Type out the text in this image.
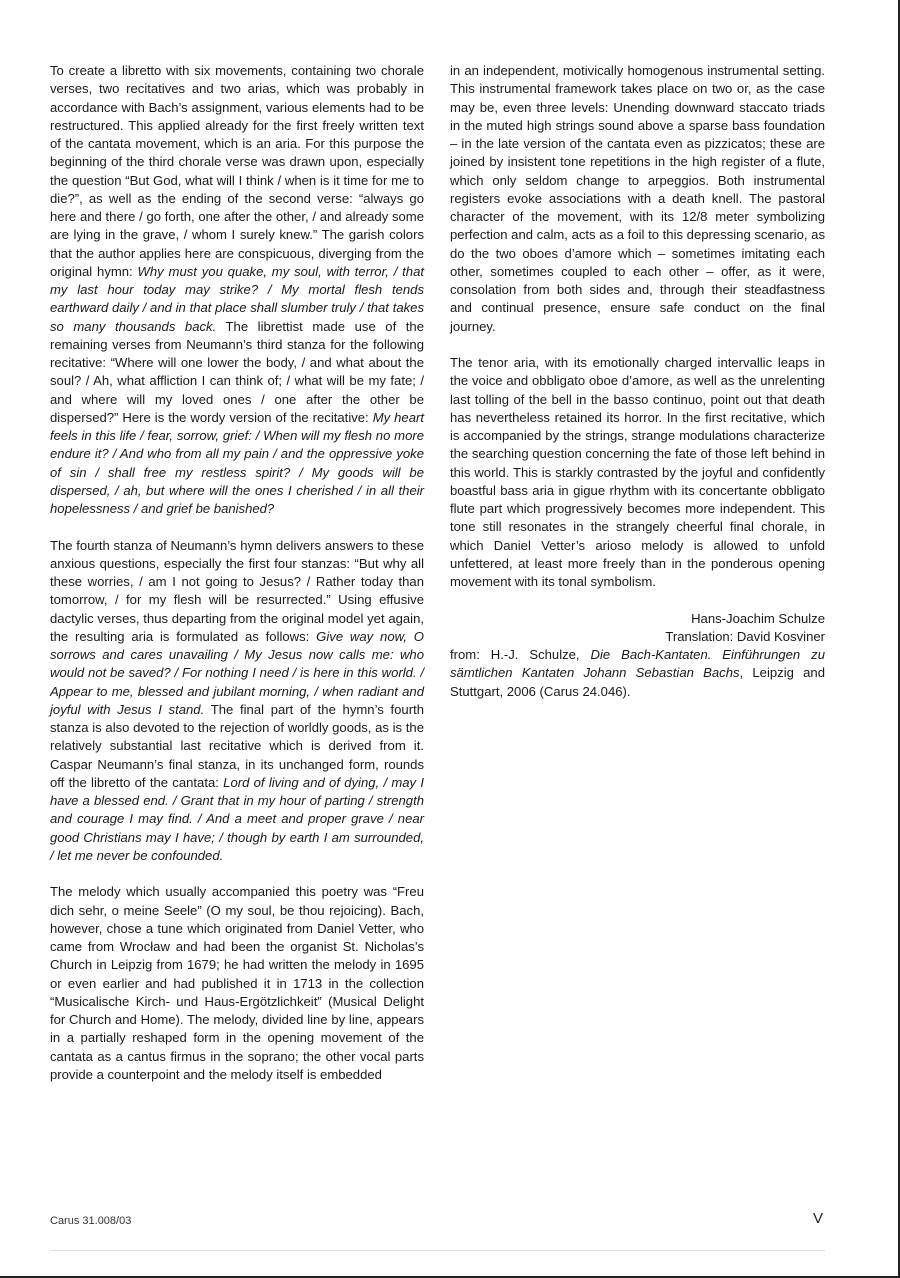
To create a libretto with six movements, containing two chorale verses, two recitatives and two arias, which was probably in accordance with Bach’s assignment, various elements had to be restructured. This applied already for the first freely written text of the cantata movement, which is an aria. For this purpose the beginning of the third chorale verse was drawn upon, especially the question “But God, what will I think / when is it time for me to die?”, as well as the ending of the second verse: “always go here and there / go forth, one after the other, / and already some are lying in the grave, / whom I surely knew.” The garish colors that the author applies here are conspicuous, diverging from the original hymn: Why must you quake, my soul, with terror, / that my last hour today may strike? / My mortal flesh tends earthward daily / and in that place shall slumber truly / that takes so many thousands back. The librettist made use of the remaining verses from Neumann’s third stanza for the following recitative: “Where will one lower the body, / and what about the soul? / Ah, what affliction I can think of; / what will be my fate; / and where will my loved ones / one after the other be dispersed?” Here is the wordy version of the recitative: My heart feels in this life / fear, sorrow, grief: / When will my flesh no more endure it? / And who from all my pain / and the oppressive yoke of sin / shall free my restless spirit? / My goods will be dispersed, / ah, but where will the ones I cherished / in all their hopelessness / and grief be banished?

The fourth stanza of Neumann’s hymn delivers answers to these anxious questions, especially the first four stanzas: “But why all these worries, / am I not going to Jesus? / Rather today than tomorrow, / for my flesh will be resurrected.” Using effusive dactylic verses, thus departing from the original model yet again, the resulting aria is formulated as follows: Give way now, O sorrows and cares unavailing / My Jesus now calls me: who would not be saved? / For nothing I need / is here in this world. / Appear to me, blessed and jubilant morning, / when radiant and joyful with Jesus I stand. The final part of the hymn’s fourth stanza is also devoted to the rejection of worldly goods, as is the relatively substantial last recitative which is derived from it. Caspar Neumann’s final stanza, in its unchanged form, rounds off the libretto of the cantata: Lord of living and of dying, / may I have a blessed end. / Grant that in my hour of parting / strength and courage I may find. / And a meet and proper grave / near good Christians may I have; / though by earth I am surrounded, / let me never be confounded.

The melody which usually accompanied this poetry was “Freu dich sehr, o meine Seele” (O my soul, be thou rejoicing). Bach, however, chose a tune which originated from Daniel Vetter, who came from Wrocław and had been the organist St. Nicholas’s Church in Leipzig from 1679; he had written the melody in 1695 or even earlier and had published it in 1713 in the collection “Musicalische Kirch- und Haus-Ergötzlichkeit” (Musical Delight for Church and Home). The melody, divided line by line, appears in a partially reshaped form in the opening movement of the cantata as a cantus firmus in the soprano; the other vocal parts provide a counterpoint and the melody itself is embedded

in an independent, motivically homogenous instrumental setting. This instrumental framework takes place on two or, as the case may be, even three levels: Unending downward staccato triads in the muted high strings sound above a sparse bass foundation – in the late version of the cantata even as pizzicatos; these are joined by insistent tone repetitions in the high register of a flute, which only seldom change to arpeggios. Both instrumental registers evoke associations with a death knell. The pastoral character of the movement, with its 12/8 meter symbolizing perfection and calm, acts as a foil to this depressing scenario, as do the two oboes d’amore which – sometimes imitating each other, sometimes coupled to each other – offer, as it were, consolation from both sides and, through their steadfastness and continual presence, ensure safe conduct on the final journey.

The tenor aria, with its emotionally charged intervallic leaps in the voice and obbligato oboe d’amore, as well as the unrelenting last tolling of the bell in the basso continuo, point out that death has nevertheless retained its horror. In the first recitative, which is accompanied by the strings, strange modulations characterize the searching question concerning the fate of those left behind in this world. This is starkly contrasted by the joyful and confidently boastful bass aria in gigue rhythm with its concertante obbligato flute part which progressively becomes more independent. This tone still resonates in the strangely cheerful final chorale, in which Daniel Vetter’s arioso melody is allowed to unfold unfettered, at least more freely than in the ponderous opening movement with its tonal symbolism.

Hans-Joachim Schulze

Translation: David Kosviner

from: H.-J. Schulze, Die Bach-Kantaten. Einführungen zu sämtlichen Kantaten Johann Sebastian Bachs, Leipzig and Stuttgart, 2006 (Carus 24.046).

Carus 31.008/03	V
